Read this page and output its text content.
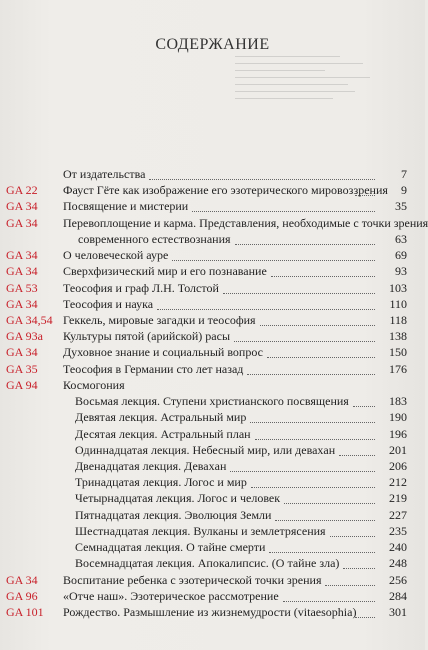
СОДЕРЖАНИЕ
От издательства	7
GA 22 Фауст Гёте как изображение его эзотерического мировоззрения	9
GA 34 Посвящение и мистерии	35
GA 34 Перевоплощение и карма. Представления, необходимые с точки зрения
современного естествознания	63
GA 34 О человеческой ауре	69
GA 34 Сверхфизический мир и его познавание	93
GA 53 Теософия и граф Л.Н. Толстой	103
GA 34 Теософия и наука	110
GA 34,54 Геккель, мировые загадки и теософия	118
GA 93a Культуры пятой (арийской) расы	138
GA 34 Духовное знание и социальный вопрос	150
GA 35 Теософия в Германии сто лет назад	176
GA 94 Космогония
Восьмая лекция. Ступени христианского посвящения	183
Девятая лекция. Астральный мир	190
Десятая лекция. Астральный план	196
Одиннадцатая лекция. Небесный мир, или деваxан	201
Двенадцатая лекция. Деваxан	206
Тринадцатая лекция. Логос и мир	212
Четырнадцатая лекция. Логос и человек	219
Пятнадцатая лекция. Эволюция Земли	227
Шестнадцатая лекция. Вулканы и землетрясения	235
Семнадцатая лекция. О тайне смерти	240
Восемнадцатая лекция. Апокалипсис. (О тайне зла)	248
GA 34 Воспитание ребенка с эзотерической точки зрения	256
GA 96 «Отче наш». Эзотерическое рассмотрение	284
GA 101 Рождество. Размышление из жизнемудрости (vitaesophia)	301
